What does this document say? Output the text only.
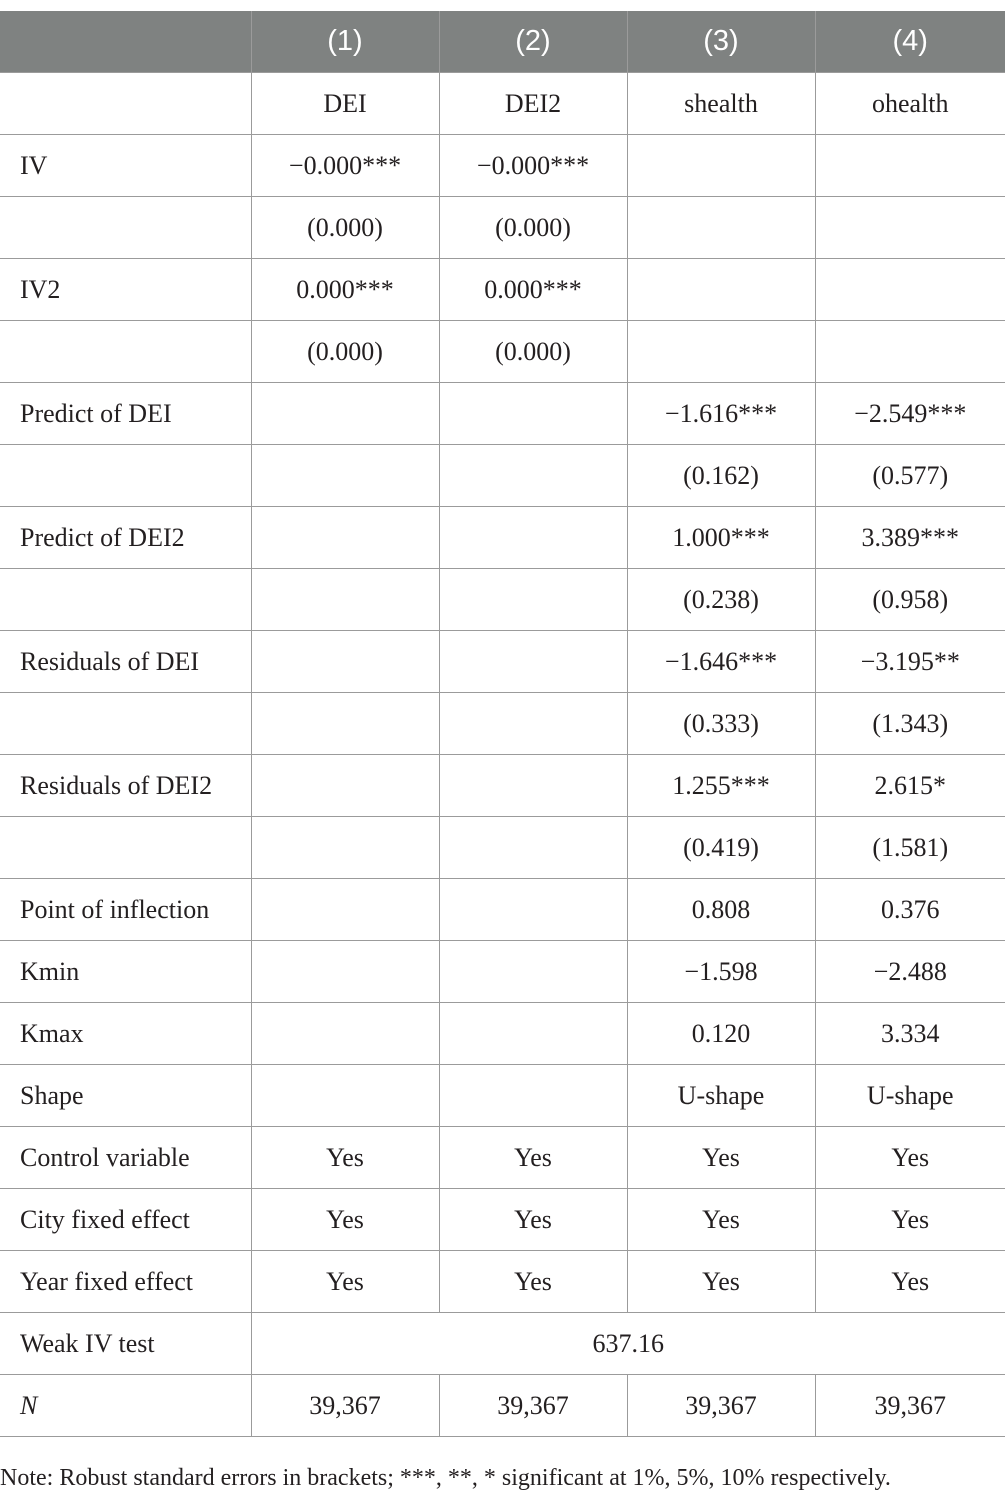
	(1)	(2)	(3)	(4)
	DEI	DEI2	shealth	ohealth
IV	−0.000***	−0.000***		
	(0.000)	(0.000)		
IV2	0.000***	0.000***		
	(0.000)	(0.000)		
Predict of DEI			−1.616***	−2.549***
			(0.162)	(0.577)
Predict of DEI2			1.000***	3.389***
			(0.238)	(0.958)
Residuals of DEI			−1.646***	−3.195**
			(0.333)	(1.343)
Residuals of DEI2			1.255***	2.615*
			(0.419)	(1.581)
Point of inflection			0.808	0.376
Kmin			−1.598	−2.488
Kmax			0.120	3.334
Shape			U-shape	U-shape
Control variable	Yes	Yes	Yes	Yes
City fixed effect	Yes	Yes	Yes	Yes
Year fixed effect	Yes	Yes	Yes	Yes
Weak IV test	637.16			
N	39,367	39,367	39,367	39,367
Note: Robust standard errors in brackets; ***, **, * significant at 1%, 5%, 10% respectively.
